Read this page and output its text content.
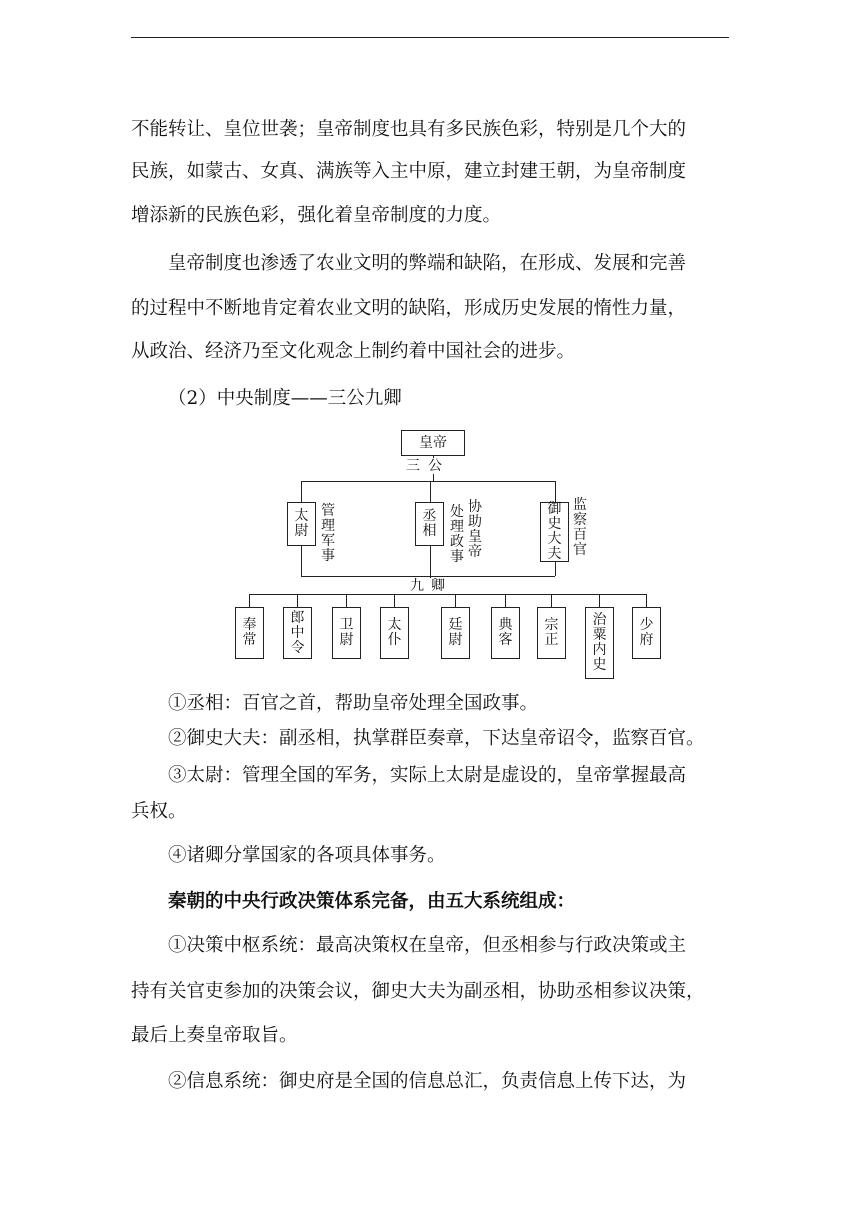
不能转让、皇位世袭；皇帝制度也具有多民族色彩，特别是几个大的
民族，如蒙古、女真、满族等入主中原，建立封建王朝，为皇帝制度
增添新的民族色彩，强化着皇帝制度的力度。
皇帝制度也渗透了农业文明的弊端和缺陷，在形成、发展和完善
的过程中不断地肯定着农业文明的缺陷，形成历史发展的惰性力量，
从政治、经济乃至文化观念上制约着中国社会的进步。
（2）中央制度——三公九卿
皇帝
三公
太尉
管理军事
丞相
处理政事
协助皇帝
御史大夫
监察百官
九卿
奉常
郎中令
卫尉
太仆
廷尉
典客
宗正
治粟内史
少府
①丞相：百官之首，帮助皇帝处理全国政事。
②御史大夫：副丞相，执掌群臣奏章，下达皇帝诏令，监察百官。
③太尉：管理全国的军务，实际上太尉是虚设的，皇帝掌握最高
兵权。
④诸卿分掌国家的各项具体事务。
秦朝的中央行政决策体系完备，由五大系统组成：
①决策中枢系统：最高决策权在皇帝，但丞相参与行政决策或主
持有关官吏参加的决策会议，御史大夫为副丞相，协助丞相参议决策，
最后上奏皇帝取旨。
②信息系统：御史府是全国的信息总汇，负责信息上传下达，为
